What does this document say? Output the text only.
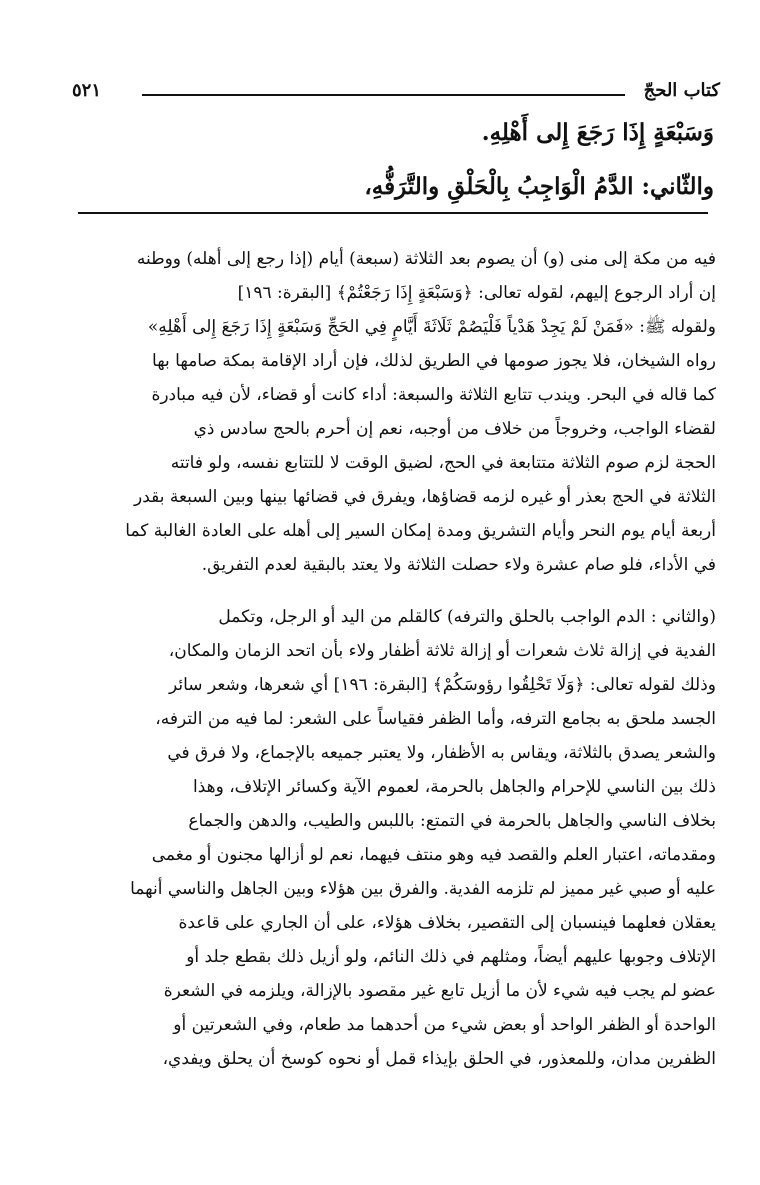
كتاب الحجّ
٥٢١
وَسَبْعَةٍ إِذَا رَجَعَ إِلى أَهْلِهِ.
والثّاني: الدَّمُ الْوَاجِبُ بِالْحَلْقِ والتَّرَفُّهِ،
فيه من مكة إلى منى (و) أن يصوم بعد الثلاثة (سبعة) أيام (إذا رجع إلى أهله) ووطنه
إن أراد الرجوع إليهم، لقوله تعالى: ﴿وَسَبْعَةٍ إِذَا رَجَعْتُمْ﴾ [البقرة: ١٩٦]
ولقوله ﷺ: «فَمَنْ لَمْ يَجِدْ هَدْياً فَلْيَصُمْ ثَلَاثَةَ أَيَّامٍ فِي الحَجِّ وَسَبْعَةٍ إِذَا رَجَعَ إِلى أَهْلِهِ»
رواه الشيخان، فلا يجوز صومها في الطريق لذلك، فإن أراد الإقامة بمكة صامها بها
كما قاله في البحر. ويندب تتابع الثلاثة والسبعة: أداء كانت أو قضاء، لأن فيه مبادرة
لقضاء الواجب، وخروجاً من خلاف من أوجبه، نعم إن أحرم بالحج سادس ذي
الحجة لزم صوم الثلاثة متتابعة في الحج، لضيق الوقت لا للتتابع نفسه، ولو فاتته
الثلاثة في الحج بعذر أو غيره لزمه قضاؤها، ويفرق في قضائها بينها وبين السبعة بقدر
أربعة أيام يوم النحر وأيام التشريق ومدة إمكان السير إلى أهله على العادة الغالبة كما
في الأداء، فلو صام عشرة ولاء حصلت الثلاثة ولا يعتد بالبقية لعدم التفريق.
(والثاني : الدم الواجب بالحلق والترفه) كالقلم من اليد أو الرجل، وتكمل
الفدية في إزالة ثلاث شعرات أو إزالة ثلاثة أظفار ولاء بأن اتحد الزمان والمكان،
وذلك لقوله تعالى: ﴿وَلَا تَحْلِقُوا رؤوسَكُمْ﴾ [البقرة: ١٩٦] أي شعرها، وشعر سائر
الجسد ملحق به بجامع الترفه، وأما الظفر فقياساً على الشعر: لما فيه من الترفه،
والشعر يصدق بالثلاثة، ويقاس به الأظفار، ولا يعتبر جميعه بالإجماع، ولا فرق في
ذلك بين الناسي للإحرام والجاهل بالحرمة، لعموم الآية وكسائر الإتلاف، وهذا
بخلاف الناسي والجاهل بالحرمة في التمتع: باللبس والطيب، والدهن والجماع
ومقدماته، اعتبار العلم والقصد فيه وهو منتف فيهما، نعم لو أزالها مجنون أو مغمى
عليه أو صبي غير مميز لم تلزمه الفدية. والفرق بين هؤلاء وبين الجاهل والناسي أنهما
يعقلان فعلهما فينسبان إلى التقصير، بخلاف هؤلاء، على أن الجاري على قاعدة
الإتلاف وجوبها عليهم أيضاً، ومثلهم في ذلك النائم، ولو أزيل ذلك بقطع جلد أو
عضو لم يجب فيه شيء لأن ما أزيل تابع غير مقصود بالإزالة، ويلزمه في الشعرة
الواحدة أو الظفر الواحد أو بعض شيء من أحدهما مد طعام، وفي الشعرتين أو
الظفرين مدان، وللمعذور، في الحلق بإيذاء قمل أو نحوه كوسخ أن يحلق ويفدي،
